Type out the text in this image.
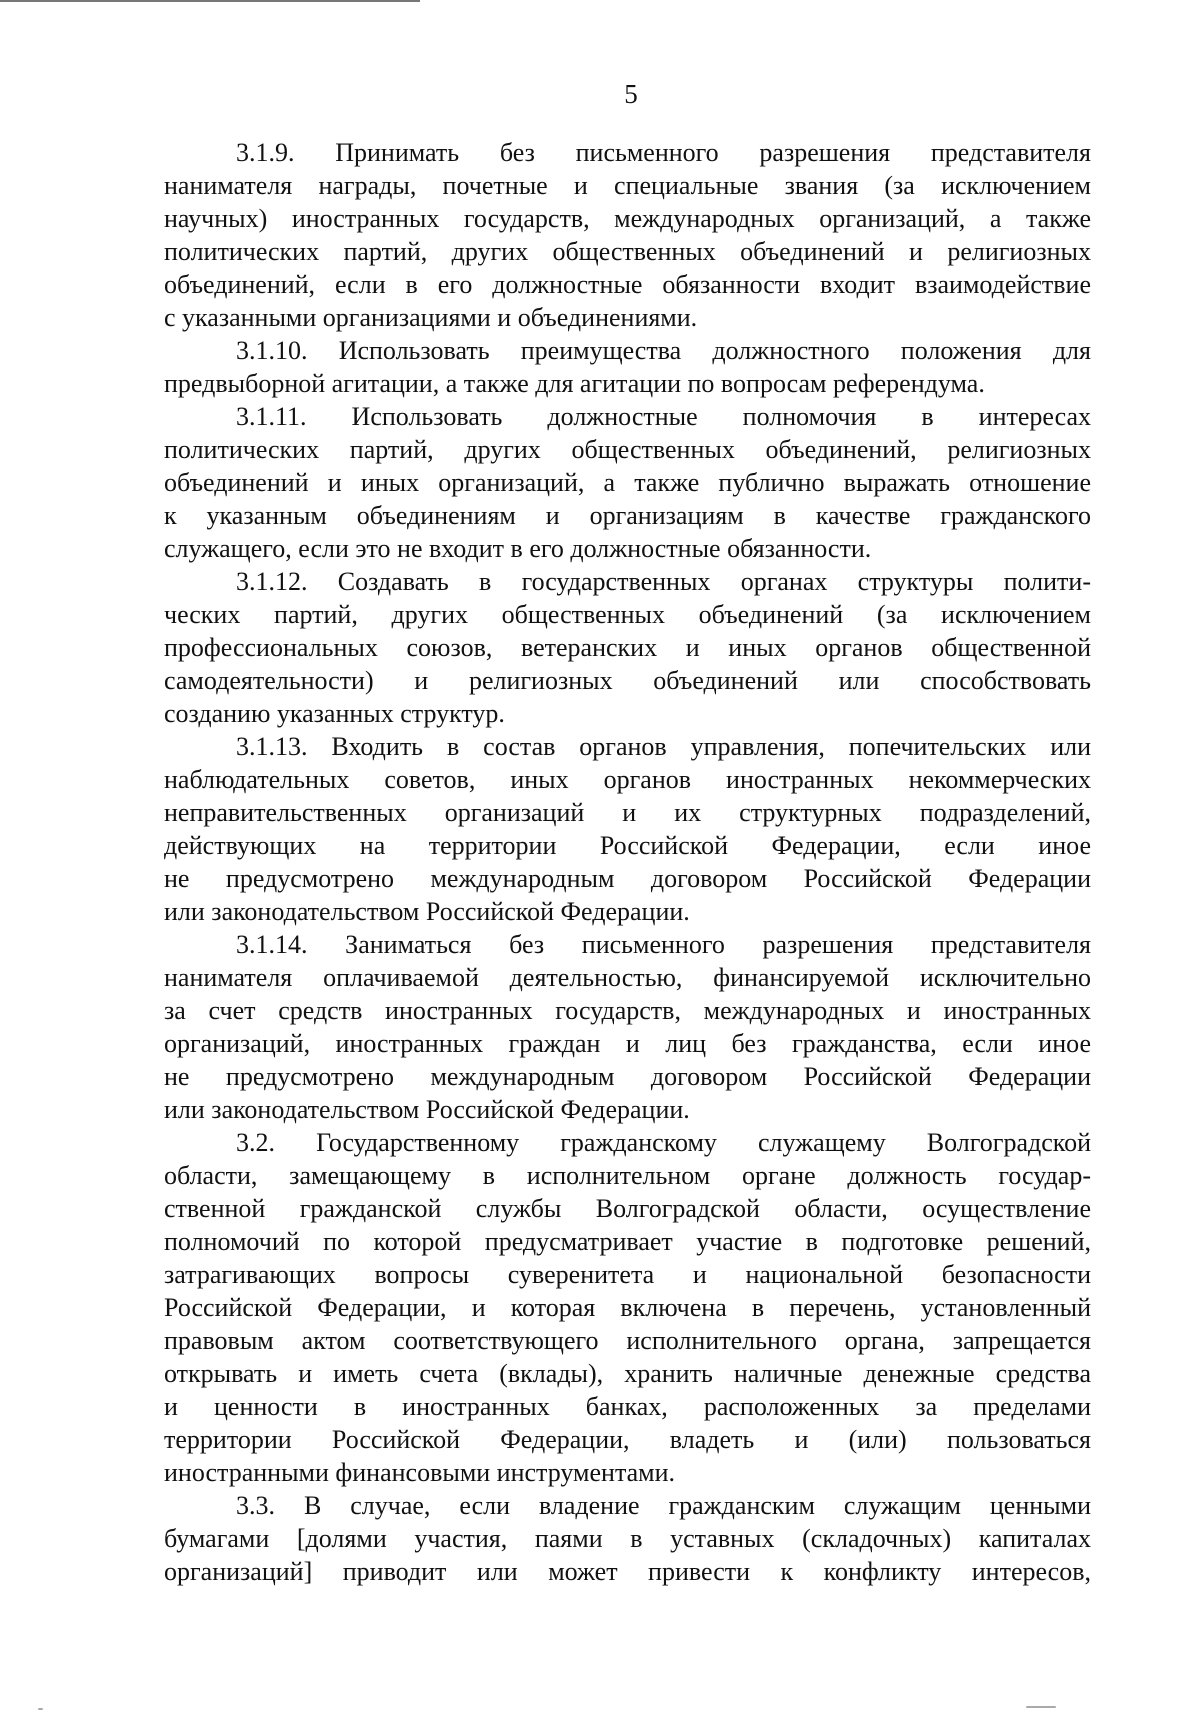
5
3.1.9. Принимать без письменного разрешения представителя
нанимателя награды, почетные и специальные звания (за исключением
научных) иностранных государств, международных организаций, а также
политических партий, других общественных объединений и религиозных
объединений, если в его должностные обязанности входит взаимодействие
с указанными организациями и объединениями.
3.1.10. Использовать преимущества должностного положения для
предвыборной агитации, а также для агитации по вопросам референдума.
3.1.11. Использовать должностные полномочия в интересах
политических партий, других общественных объединений, религиозных
объединений и иных организаций, а также публично выражать отношение
к указанным объединениям и организациям в качестве гражданского
служащего, если это не входит в его должностные обязанности.
3.1.12. Создавать в государственных органах структуры полити-
ческих партий, других общественных объединений (за исключением
профессиональных союзов, ветеранских и иных органов общественной
самодеятельности) и религиозных объединений или способствовать
созданию указанных структур.
3.1.13. Входить в состав органов управления, попечительских или
наблюдательных советов, иных органов иностранных некоммерческих
неправительственных организаций и их структурных подразделений,
действующих на территории Российской Федерации, если иное
не предусмотрено международным договором Российской Федерации
или законодательством Российской Федерации.
3.1.14. Заниматься без письменного разрешения представителя
нанимателя оплачиваемой деятельностью, финансируемой исключительно
за счет средств иностранных государств, международных и иностранных
организаций, иностранных граждан и лиц без гражданства, если иное
не предусмотрено международным договором Российской Федерации
или законодательством Российской Федерации.
3.2. Государственному гражданскому служащему Волгоградской
области, замещающему в исполнительном органе должность государ-
ственной гражданской службы Волгоградской области, осуществление
полномочий по которой предусматривает участие в подготовке решений,
затрагивающих вопросы суверенитета и национальной безопасности
Российской Федерации, и которая включена в перечень, установленный
правовым актом соответствующего исполнительного органа, запрещается
открывать и иметь счета (вклады), хранить наличные денежные средства
и ценности в иностранных банках, расположенных за пределами
территории Российской Федерации, владеть и (или) пользоваться
иностранными финансовыми инструментами.
3.3. В случае, если владение гражданским служащим ценными
бумагами [долями участия, паями в уставных (складочных) капиталах
организаций] приводит или может привести к конфликту интересов,
